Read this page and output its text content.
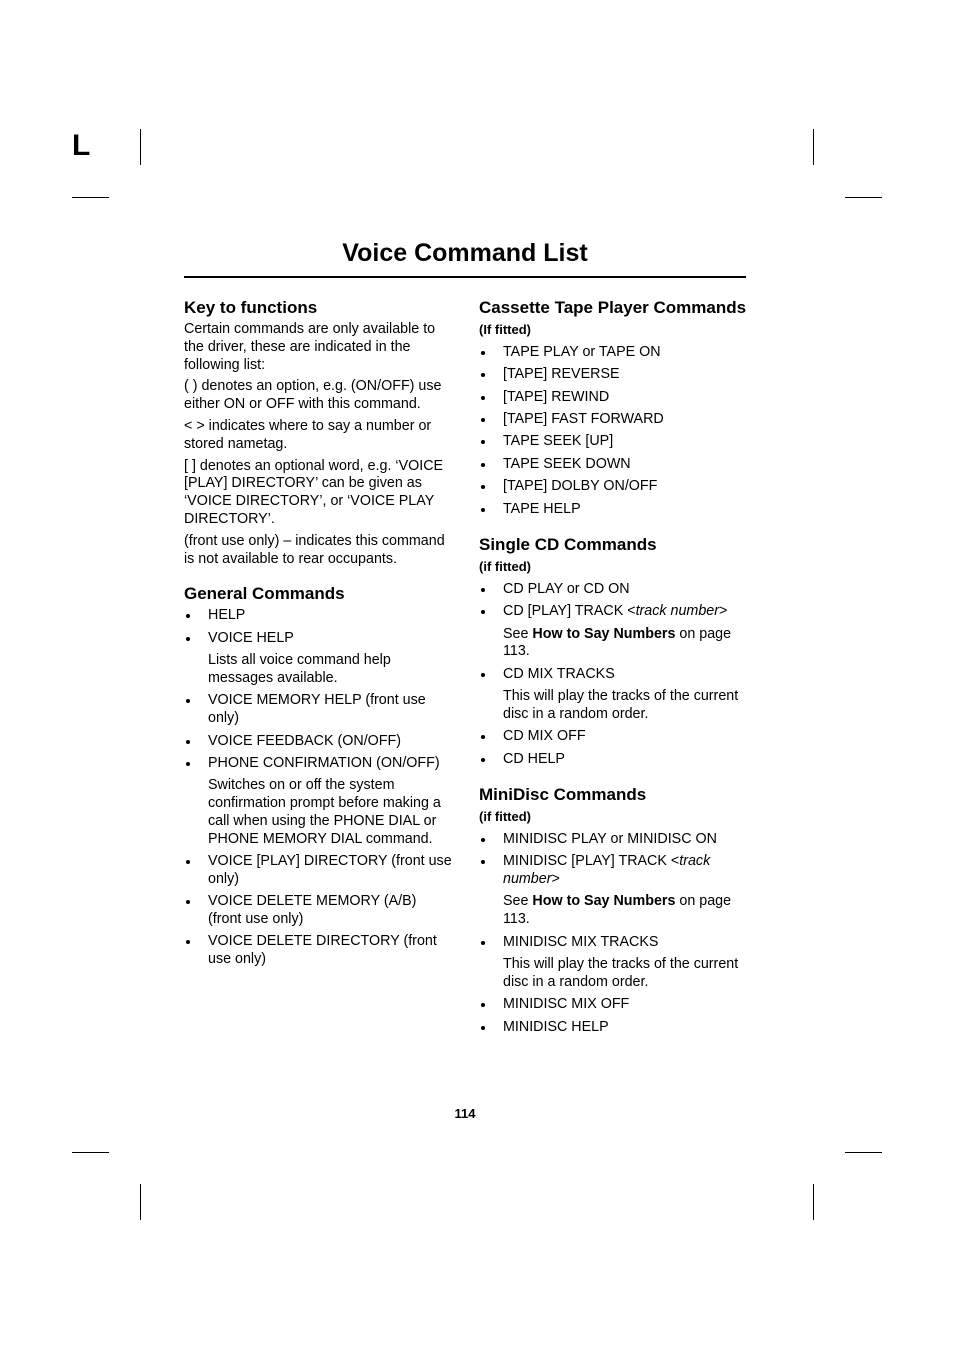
L
Voice Command List
Key to functions

Certain commands are only available to the driver, these are indicated in the following list:

( ) denotes an option, e.g. (ON/OFF) use either ON or OFF with this command.

< > indicates where to say a number or stored nametag.

[ ] denotes an optional word, e.g. ‘VOICE [PLAY] DIRECTORY’ can be given as ‘VOICE DIRECTORY’, or ‘VOICE PLAY DIRECTORY’.

(front use only) – indicates this command is not available to rear occupants.

General Commands
HELP
VOICE HELP
Lists all voice command help messages available.
VOICE MEMORY HELP (front use only)
VOICE FEEDBACK (ON/OFF)
PHONE CONFIRMATION (ON/OFF)
Switches on or off the system confirmation prompt before making a call when using the PHONE DIAL or PHONE MEMORY DIAL command.
VOICE [PLAY] DIRECTORY (front use only)
VOICE DELETE MEMORY (A/B) (front use only)
VOICE DELETE DIRECTORY (front use only)
Cassette Tape Player Commands
(If fitted)
TAPE PLAY or TAPE ON
[TAPE] REVERSE
[TAPE] REWIND
[TAPE] FAST FORWARD
TAPE SEEK [UP]
TAPE SEEK DOWN
[TAPE] DOLBY ON/OFF
TAPE HELP
Single CD Commands
(if fitted)
CD PLAY or CD ON
CD [PLAY] TRACK <track number>
See How to Say Numbers on page 113.
CD MIX TRACKS
This will play the tracks of the current disc in a random order.
CD MIX OFF
CD HELP
MiniDisc Commands
(if fitted)
MINIDISC PLAY or MINIDISC ON
MINIDISC [PLAY] TRACK <track number>
See How to Say Numbers on page 113.
MINIDISC MIX TRACKS
This will play the tracks of the current disc in a random order.
MINIDISC MIX OFF
MINIDISC HELP
114
